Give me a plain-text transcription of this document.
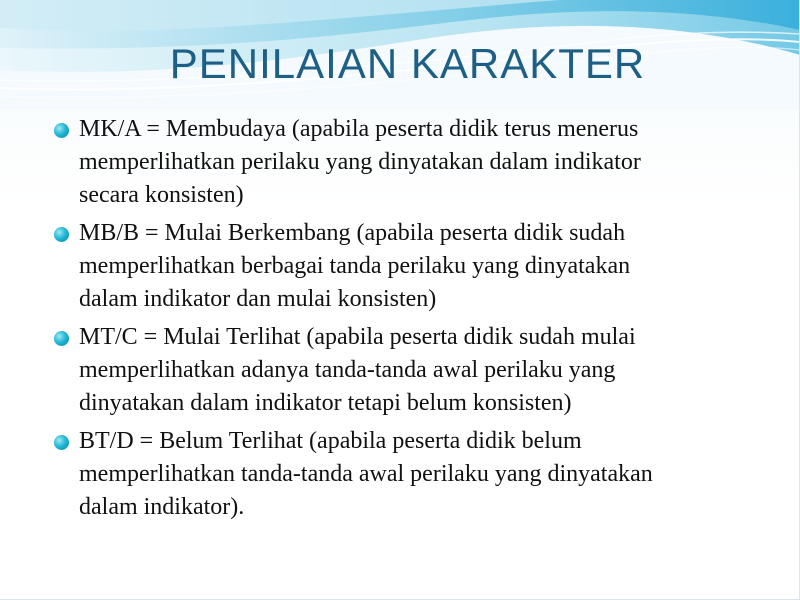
PENILAIAN KARAKTER
MK/A = Membudaya (apabila peserta didik terus menerus
memperlihatkan perilaku yang dinyatakan dalam indikator
secara konsisten)
MB/B = Mulai Berkembang (apabila peserta didik sudah
memperlihatkan berbagai tanda perilaku yang dinyatakan
dalam indikator dan mulai konsisten)
MT/C = Mulai Terlihat (apabila peserta didik sudah mulai
memperlihatkan adanya tanda-tanda awal perilaku yang
dinyatakan dalam indikator tetapi belum konsisten)
BT/D = Belum Terlihat (apabila peserta didik belum
memperlihatkan tanda-tanda awal perilaku yang dinyatakan
dalam indikator).
